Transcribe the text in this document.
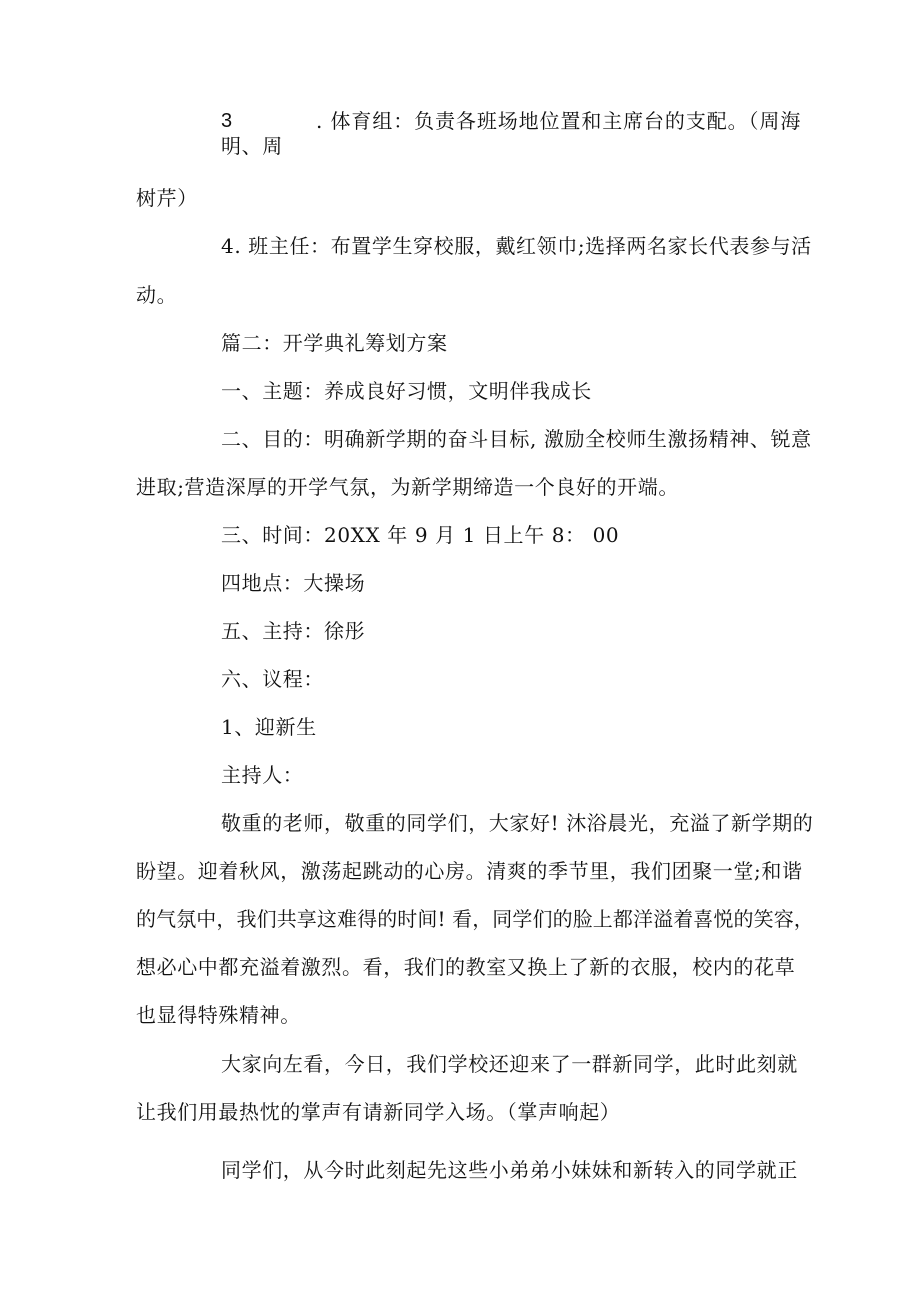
3	. 体育组：负责各班场地位置和主席台的支配。（周海

明、周

树芹）

4. 班主任：布置学生穿校服，戴红领巾;选择两名家长代表参与活

动。

篇二：开学典礼筹划方案

一、主题：养成良好习惯，文明伴我成长

二、目的：明确新学期的奋斗目标, 激励全校师生激扬精神、锐意

进取;营造深厚的开学气氛，为新学期缔造一个良好的开端。

三、时间：20XX 年 9 月 1 日上午 8： 00

四地点：大操场

五、主持：徐彤

六、议程：

1、迎新生

主持人：

敬重的老师，敬重的同学们，大家好! 沐浴晨光，充溢了新学期的

盼望。迎着秋风，激荡起跳动的心房。清爽的季节里，我们团聚一堂;和谐

的气氛中，我们共享这难得的时间! 看，同学们的脸上都洋溢着喜悦的笑容，

想必心中都充溢着激烈。看，我们的教室又换上了新的衣服，校内的花草

也显得特殊精神。

大家向左看，今日，我们学校还迎来了一群新同学，此时此刻就

让我们用最热忱的掌声有请新同学入场。（掌声响起）

同学们，从今时此刻起先这些小弟弟小妹妹和新转入的同学就正
